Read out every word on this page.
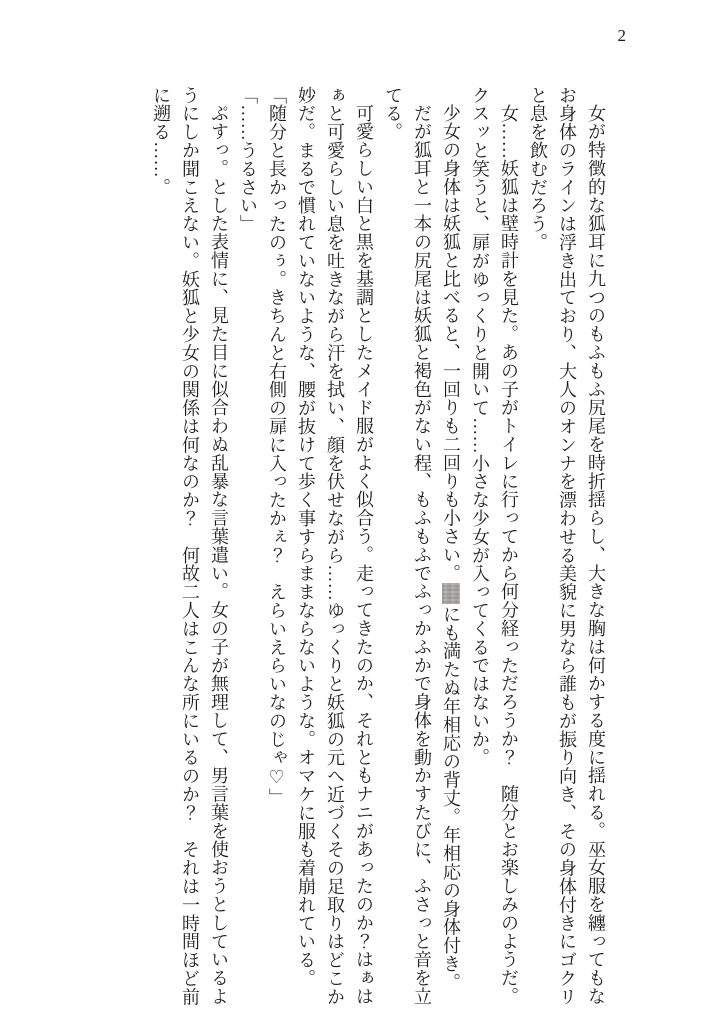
2

女が特徴的な狐耳に九つのもふもふ尻尾を時折揺らし、大きな胸は何かする度に揺れる。巫女服を纏ってもなお身体のラインは浮き出ており、大人のオンナを漂わせる美貌に男なら誰もが振り向き、その身体付きにゴクリと息を飲むだろう。

女……妖狐は壁時計を見た。あの子がトイレに行ってから何分経っただろうか？　随分とお楽しみのようだ。クスッと笑うと、扉がゆっくりと開いて……小さな少女が入ってくるではないか。

少女の身体は妖狐と比べると、一回りも二回りも小さい。にも満たぬ年相応の背丈。年相応の身体付き。

だが狐耳と一本の尻尾は妖狐と褐色がない程、もふもふでふっかふかで身体を動かすたびに、ふさっと音を立てる。

可愛らしい白と黒を基調としたメイド服がよく似合う。走ってきたのか、それともナニがあったのか？はぁはぁと可愛らしい息を吐きながら汗を拭い、顔を伏せながら……ゆっくりと妖狐の元へ近づくその足取りはどこか妙だ。まるで慣れていないような、腰が抜けて歩く事すらままならないような。オマケに服も着崩れている。

「随分と長かったのぅ。きちんと右側の扉に入ったかぇ？　えらいえらいなのじゃ♡」

「……うるさい」

ぷすっ。とした表情に、見た目に似合わぬ乱暴な言葉遣い。女の子が無理して、男言葉を使おうとしているようにしか聞こえない。妖狐と少女の関係は何なのか？　何故二人はこんな所にいるのか？　それは一時間ほど前に遡る……。
